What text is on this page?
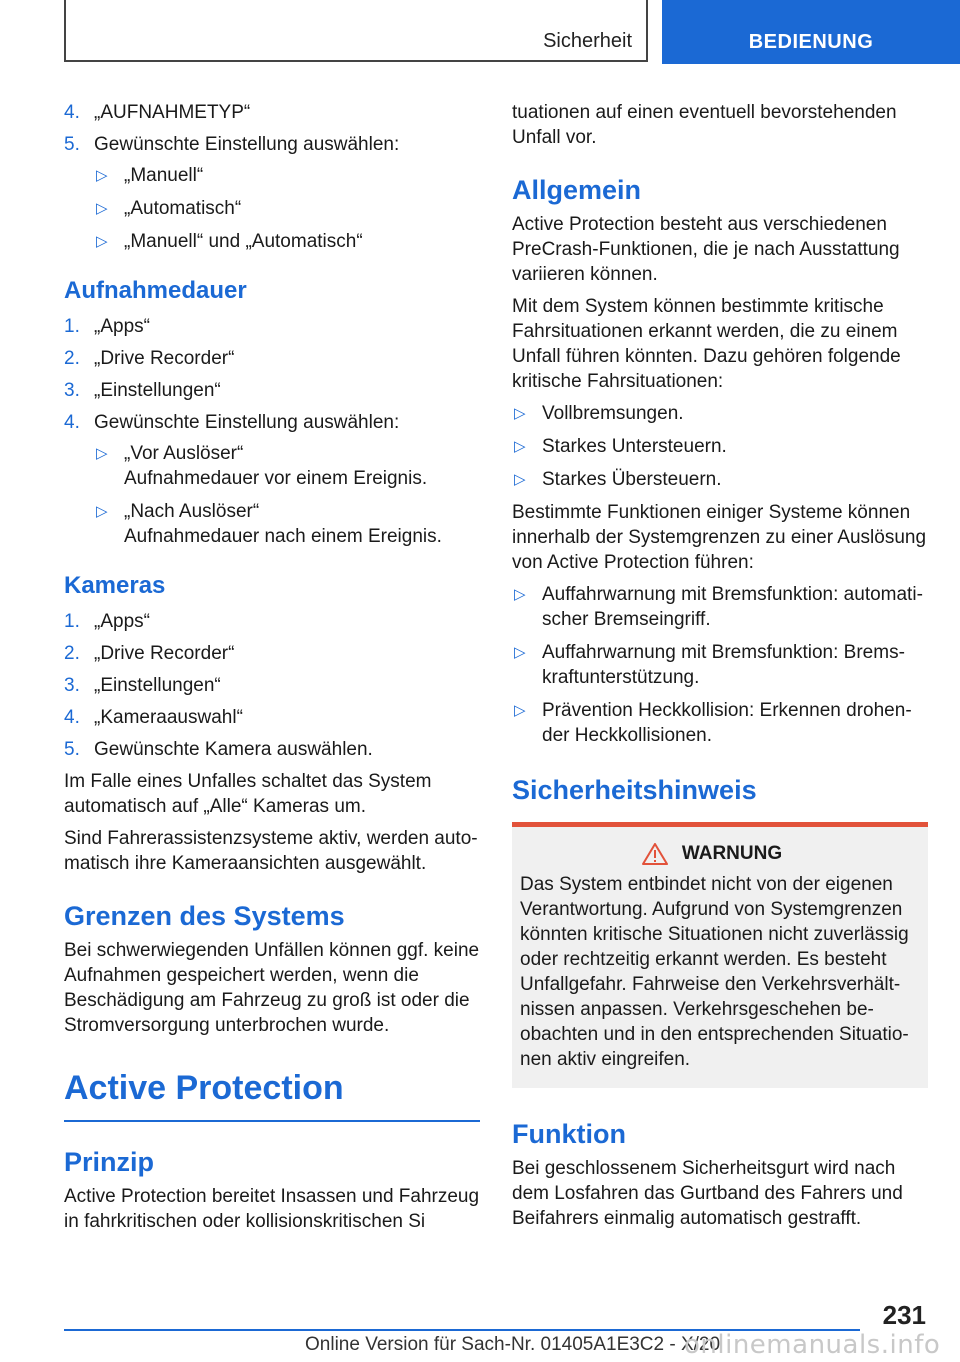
Sicherheit	BEDIENUNG
4. „AUFNAHMETYP“
5. Gewünschte Einstellung auswählen:
▷ „Manuell“
▷ „Automatisch“
▷ „Manuell“ und „Automatisch“
Aufnahmedauer
1. „Apps“
2. „Drive Recorder“
3. „Einstellungen“
4. Gewünschte Einstellung auswählen:
▷ „Vor Auslöser“
Aufnahmedauer vor einem Ereignis.
▷ „Nach Auslöser“
Aufnahmedauer nach einem Ereignis.
Kameras
1. „Apps“
2. „Drive Recorder“
3. „Einstellungen“
4. „Kameraauswahl“
5. Gewünschte Kamera auswählen.

Im Falle eines Unfalles schaltet das System automatisch auf „Alle“ Kameras um.

Sind Fahrerassistenzsysteme aktiv, werden automatisch ihre Kameraansichten ausgewählt.

Grenzen des Systems

Bei schwerwiegenden Unfällen können ggf. keine Aufnahmen gespeichert werden, wenn die Beschädigung am Fahrzeug zu groß ist oder die Stromversorgung unterbrochen wurde.

Active Protection
Prinzip

Active Protection bereitet Insassen und Fahrzeug in fahrkritischen oder kollisionskritischen Si

tuationen auf einen eventuell bevorstehenden Unfall vor.

Allgemein

Active Protection besteht aus verschiedenen PreCrash-Funktionen, die je nach Ausstattung variieren können.

Mit dem System können bestimmte kritische Fahrsituationen erkannt werden, die zu einem Unfall führen könnten. Dazu gehören folgende kritische Fahrsituationen:

▷ Vollbremsungen.
▷ Starkes Untersteuern.
▷ Starkes Übersteuern.

Bestimmte Funktionen einiger Systeme können innerhalb der Systemgrenzen zu einer Auslösung von Active Protection führen:

▷ Auffahrwarnung mit Bremsfunktion: automatischer Bremseingriff.
▷ Auffahrwarnung mit Bremsfunktion: Bremskraftunterstützung.
▷ Prävention Heckkollision: Erkennen drohender Heckkollisionen.
Sicherheitshinweis
WARNUNG
Das System entbindet nicht von der eigenen Verantwortung. Aufgrund von Systemgrenzen könnten kritische Situationen nicht zuverlässig oder rechtzeitig erkannt werden. Es besteht Unfallgefahr. Fahrweise den Verkehrsverhältnissen anpassen. Verkehrsgeschehen beobachten und in den entsprechenden Situationen aktiv eingreifen.
Funktion

Bei geschlossenem Sicherheitsgurt wird nach dem Losfahren das Gurtband des Fahrers und Beifahrers einmalig automatisch gestrafft.

231
Online Version für Sach-Nr. 01405A1E3C2 - X/20
onlinemanuals.info
